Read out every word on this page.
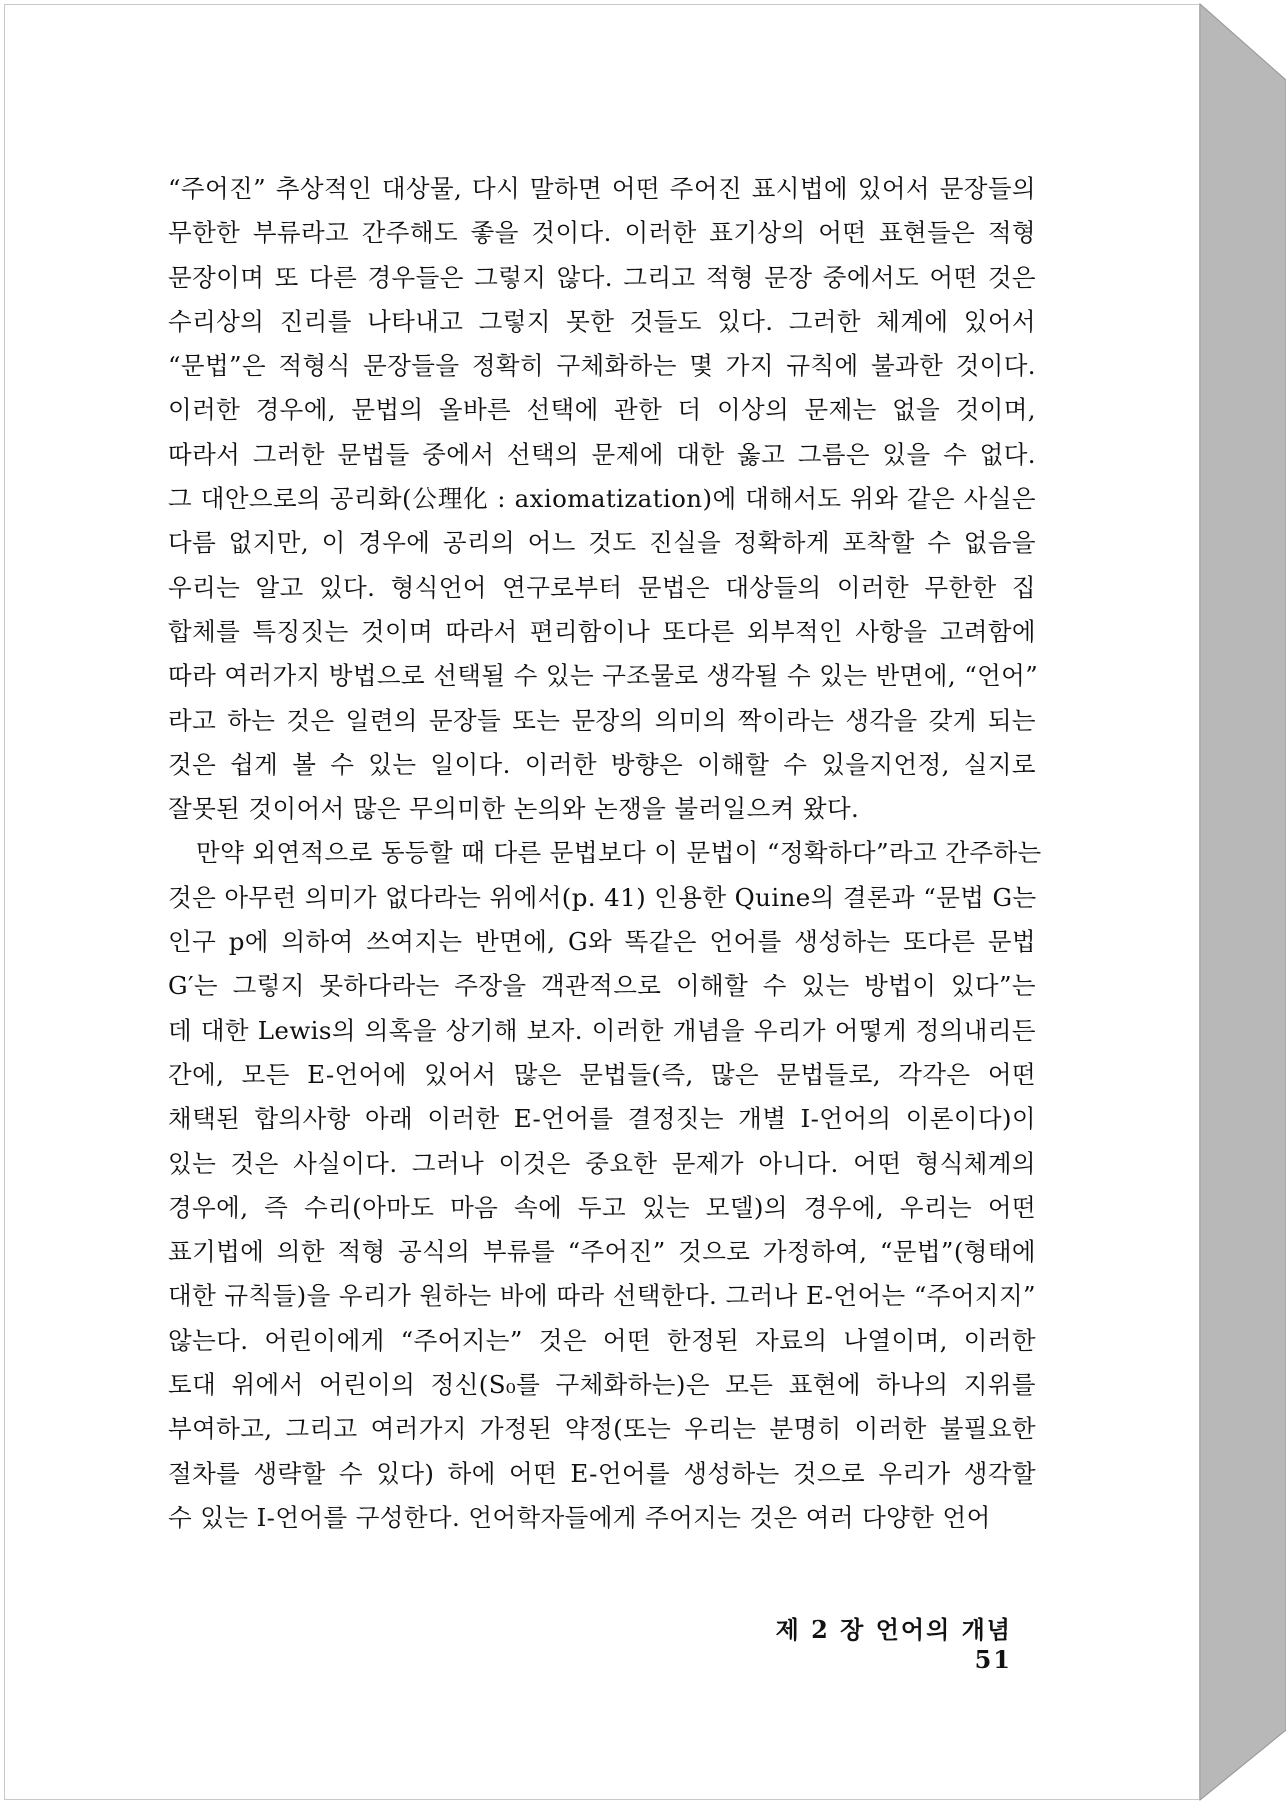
“주어진” 추상적인 대상물, 다시 말하면 어떤 주어진 표시법에 있어서 문장들의
무한한 부류라고 간주해도 좋을 것이다. 이러한 표기상의 어떤 표현들은 적형
문장이며 또 다른 경우들은 그렇지 않다. 그리고 적형 문장 중에서도 어떤 것은
수리상의 진리를 나타내고 그렇지 못한 것들도 있다. 그러한 체계에 있어서
“문법”은 적형식 문장들을 정확히 구체화하는 몇 가지 규칙에 불과한 것이다.
이러한 경우에, 문법의 올바른 선택에 관한 더 이상의 문제는 없을 것이며,
따라서 그러한 문법들 중에서 선택의 문제에 대한 옳고 그름은 있을 수 없다.
그 대안으로의 공리화(公理化 : axiomatization)에 대해서도 위와 같은 사실은
다름 없지만, 이 경우에 공리의 어느 것도 진실을 정확하게 포착할 수 없음을
우리는 알고 있다. 형식언어 연구로부터 문법은 대상들의 이러한 무한한 집
합체를 특징짓는 것이며 따라서 편리함이나 또다른 외부적인 사항을 고려함에
따라 여러가지 방법으로 선택될 수 있는 구조물로 생각될 수 있는 반면에, “언어”
라고 하는 것은 일련의 문장들 또는 문장의 의미의 짝이라는 생각을 갖게 되는
것은 쉽게 볼 수 있는 일이다. 이러한 방향은 이해할 수 있을지언정, 실지로
잘못된 것이어서 많은 무의미한 논의와 논쟁을 불러일으켜 왔다.
만약 외연적으로 동등할 때 다른 문법보다 이 문법이 “정확하다”라고 간주하는
것은 아무런 의미가 없다라는 위에서(p. 41) 인용한 Quine의 결론과 “문법 G는
인구 p에 의하여 쓰여지는 반면에, G와 똑같은 언어를 생성하는 또다른 문법
G′는 그렇지 못하다라는 주장을 객관적으로 이해할 수 있는 방법이 있다”는
데 대한 Lewis의 의혹을 상기해 보자. 이러한 개념을 우리가 어떻게 정의내리든
간에, 모든 E-언어에 있어서 많은 문법들(즉, 많은 문법들로, 각각은 어떤
채택된 합의사항 아래 이러한 E-언어를 결정짓는 개별 I-언어의 이론이다)이
있는 것은 사실이다. 그러나 이것은 중요한 문제가 아니다. 어떤 형식체계의
경우에, 즉 수리(아마도 마음 속에 두고 있는 모델)의 경우에, 우리는 어떤
표기법에 의한 적형 공식의 부류를 “주어진” 것으로 가정하여, “문법”(형태에
대한 규칙들)을 우리가 원하는 바에 따라 선택한다. 그러나 E-언어는 “주어지지”
않는다. 어린이에게 “주어지는” 것은 어떤 한정된 자료의 나열이며, 이러한
토대 위에서 어린이의 정신(S₀를 구체화하는)은 모든 표현에 하나의 지위를
부여하고, 그리고 여러가지 가정된 약정(또는 우리는 분명히 이러한 불필요한
절차를 생략할 수 있다) 하에 어떤 E-언어를 생성하는 것으로 우리가 생각할
수 있는 I-언어를 구성한다. 언어학자들에게 주어지는 것은 여러 다양한 언어
제 2 장 언어의 개념 51
